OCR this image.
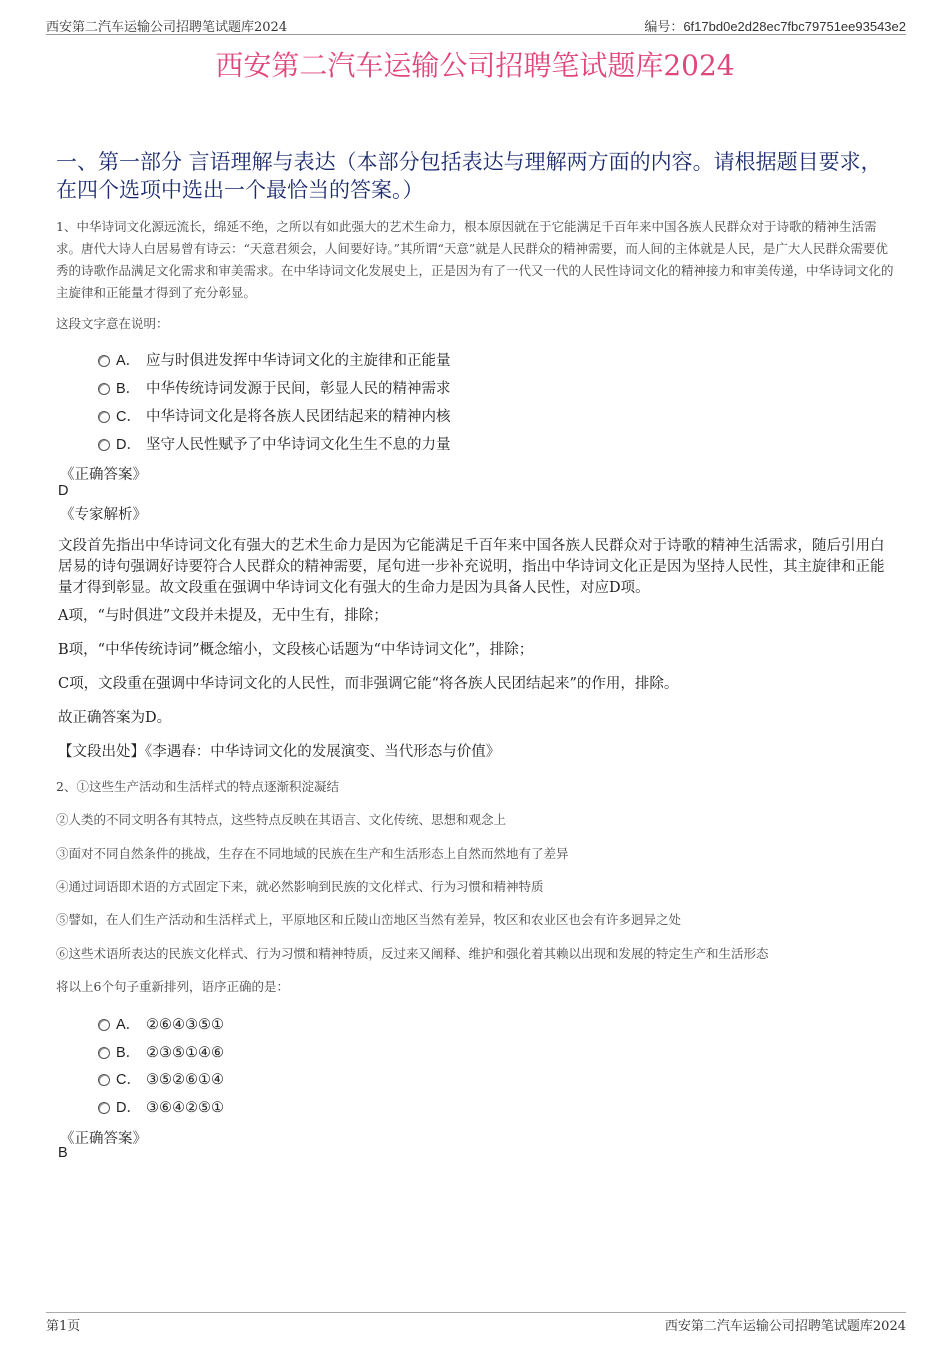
西安第二汽车运输公司招聘笔试题库2024	编号：6f17bd0e2d28ec7fbc79751ee93543e2
西安第二汽车运输公司招聘笔试题库2024
一、第一部分 言语理解与表达（本部分包括表达与理解两方面的内容。请根据题目要求，在四个选项中选出一个最恰当的答案。）
1、中华诗词文化源远流长，绵延不绝，之所以有如此强大的艺术生命力，根本原因就在于它能满足千百年来中国各族人民群众对于诗歌的精神生活需求。唐代大诗人白居易曾有诗云：“天意君须会，人间要好诗。”其所谓“天意”就是人民群众的精神需要，而人间的主体就是人民，是广大人民群众需要优秀的诗歌作品满足文化需求和审美需求。在中华诗词文化发展史上，正是因为有了一代又一代的人民性诗词文化的精神接力和审美传递，中华诗词文化的主旋律和正能量才得到了充分彰显。
这段文字意在说明：
A． 应与时俱进发挥中华诗词文化的主旋律和正能量
B． 中华传统诗词发源于民间，彰显人民的精神需求
C． 中华诗词文化是将各族人民团结起来的精神内核
D． 坚守人民性赋予了中华诗词文化生生不息的力量
《正确答案》
D
《专家解析》
文段首先指出中华诗词文化有强大的艺术生命力是因为它能满足千百年来中国各族人民群众对于诗歌的精神生活需求，随后引用白居易的诗句强调好诗要符合人民群众的精神需要，尾句进一步补充说明，指出中华诗词文化正是因为坚持人民性，其主旋律和正能量才得到彰显。故文段重在强调中华诗词文化有强大的生命力是因为具备人民性，对应D项。
A项，“与时俱进”文段并未提及，无中生有，排除；
B项，“中华传统诗词”概念缩小，文段核心话题为“中华诗词文化”，排除；
C项，文段重在强调中华诗词文化的人民性，而非强调它能“将各族人民团结起来”的作用，排除。
故正确答案为D。
【文段出处】《李遇春：中华诗词文化的发展演变、当代形态与价值》
2、①这些生产活动和生活样式的特点逐渐积淀凝结
②人类的不同文明各有其特点，这些特点反映在其语言、文化传统、思想和观念上
③面对不同自然条件的挑战，生存在不同地域的民族在生产和生活形态上自然而然地有了差异
④通过词语即术语的方式固定下来，就必然影响到民族的文化样式、行为习惯和精神特质
⑤譬如，在人们生产活动和生活样式上，平原地区和丘陵山峦地区当然有差异，牧区和农业区也会有许多迥异之处
⑥这些术语所表达的民族文化样式、行为习惯和精神特质，反过来又阐释、维护和强化着其赖以出现和发展的特定生产和生活形态
将以上6个句子重新排列，语序正确的是：
A． ②⑥④③⑤①
B． ②③⑤①④⑥
C． ③⑤②⑥①④
D． ③⑥④②⑤①
《正确答案》
B
第1页	西安第二汽车运输公司招聘笔试题库2024
